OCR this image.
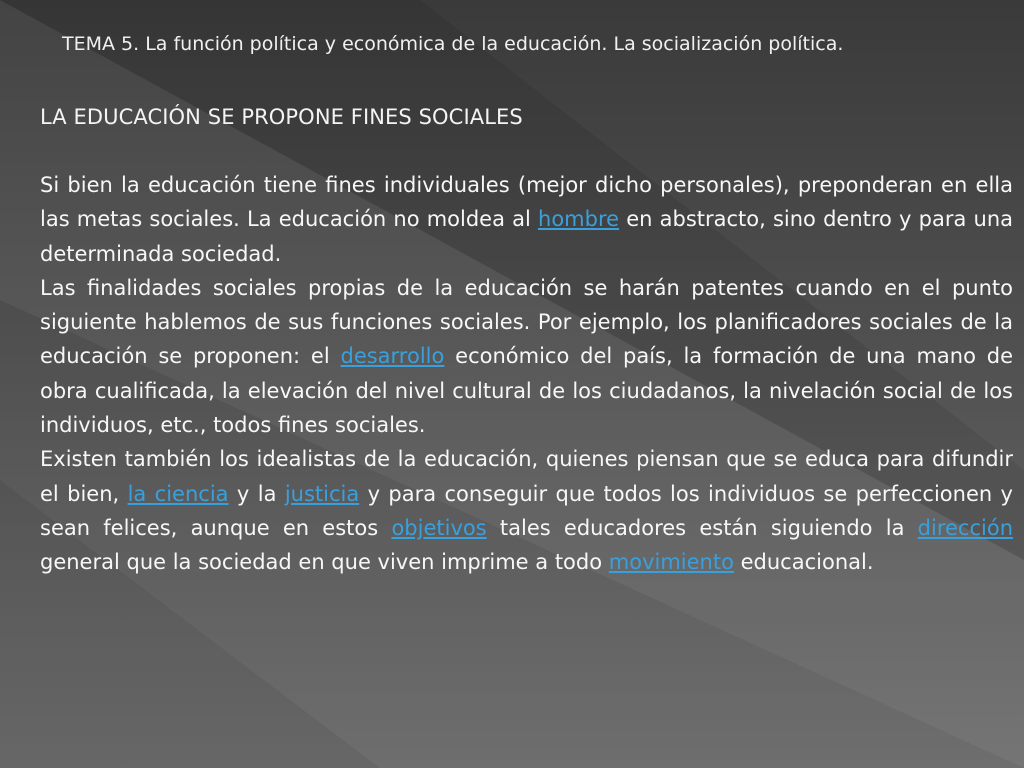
TEMA 5. La función política y económica de la educación. La socialización política.
LA EDUCACIÓN SE PROPONE FINES SOCIALES

Si bien la educación tiene fines individuales (mejor dicho personales), preponderan en ella las metas sociales. La educación no moldea al hombre en abstracto, sino dentro y para una determinada sociedad.

Las finalidades sociales propias de la educación se harán patentes cuando en el punto siguiente hablemos de sus funciones sociales. Por ejemplo, los planificadores sociales de la educación se proponen: el desarrollo económico del país, la formación de una mano de obra cualificada, la elevación del nivel cultural de los ciudadanos, la nivelación social de los individuos, etc., todos fines sociales.

Existen también los idealistas de la educación, quienes piensan que se educa para difundir el bien, la ciencia y la justicia y para conseguir que todos los individuos se perfeccionen y sean felices, aunque en estos objetivos tales educadores están siguiendo la dirección general que la sociedad en que viven imprime a todo movimiento educacional.
